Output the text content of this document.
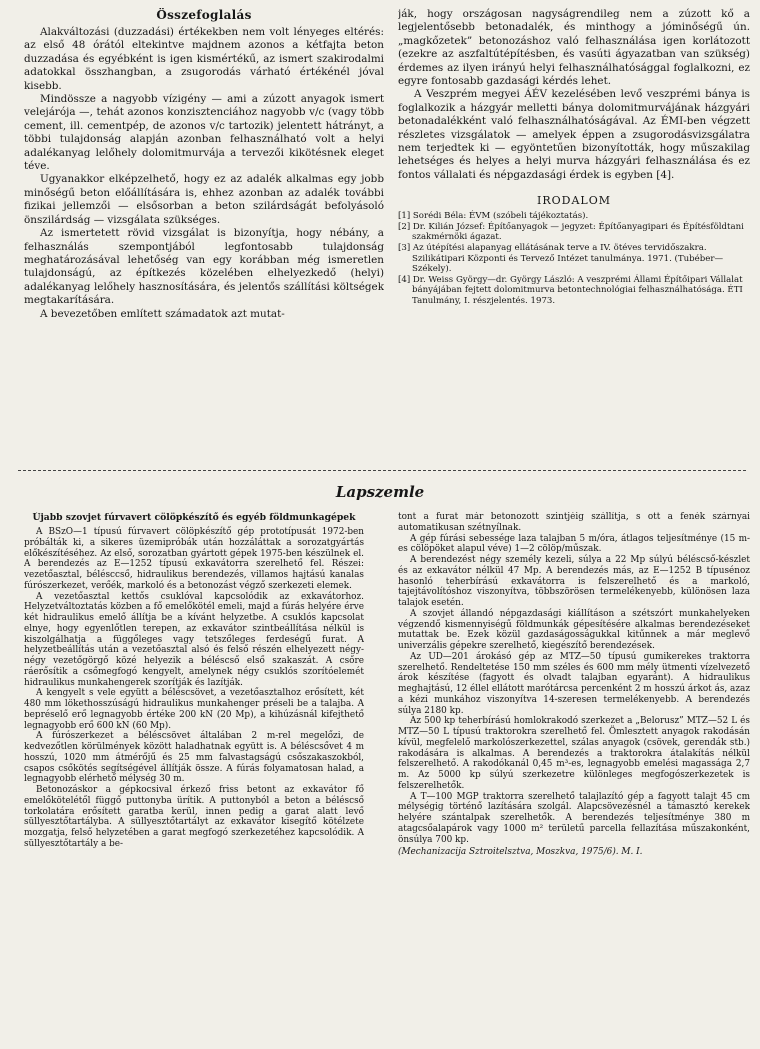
Összefoglalás

Alakváltozási (duzzadási) értékekben nem volt lényeges eltérés: az első 48 órától eltekintve majdnem azonos a kétfajta beton duzzadása és egyébként is igen kismértékű, az ismert szakirodalmi adatokkal összhangban, a zsugorodás várható értékénél jóval kisebb.

Mindössze a nagyobb vízigény — ami a zúzott anyagok ismert velejárója —, tehát azonos konzisztenciához nagyobb v/c (vagy több cement, ill. cementpép, de azonos v/c tartozik) jelentett hátrányt, a többi tulajdonság alapján azonban felhasználható volt a helyi adalékanyag lelőhely dolomitmurvája a tervezői kikötésnek eleget téve.

Ugyanakkor elképzelhető, hogy ez az adalék alkalmas egy jobb minőségű beton előállítására is, ehhez azonban az adalék további fizikai jellemzői — elsősorban a beton szilárdságát befolyásoló önszilárdság — vizsgálata szükséges.

Az ismertetett rövid vizsgálat is bizonyítja, hogy nébány, a felhasználás szempontjából legfontosabb tulajdonság meghatározásával lehetőség van egy korábban még ismeretlen tulajdonságú, az építkezés közelében elhelyezkedő (helyi) adalékanyag lelőhely hasznosítására, és jelentős szállítási költségek megtakarítására.

A bevezetőben említett számadatok azt mutat-

ják, hogy országosan nagyságrendileg nem a zúzott kő a legjelentősebb betonadalék, és minthogy a jóminőségű ún. „magkőzetek” betonozáshoz való felhasználása igen korlátozott (ezekre az aszfaltútépítésben, és vasúti ágyazatban van szükség) érdemes az ilyen irányú helyi felhasználhatósággal foglalkozni, ez egyre fontosabb gazdasági kérdés lehet.

A Veszprém megyei ÁÉV kezelésében levő veszprémi bánya is foglalkozik a házgyár melletti bánya dolomitmurvájának házgyári betonadalékként való felhasználhatóságával. Az ÉMI-ben végzett részletes vizsgálatok — amelyek éppen a zsugorodásvizsgálatra nem terjedtek ki — egyöntetűen bizonyították, hogy műszakilag lehetséges és helyes a helyi murva házgyári felhasználása és ez fontos vállalati és népgazdasági érdek is egyben [4].

IRODALOM

[1] Sorédi Béla: ÉVM (szóbeli tájékoztatás).

[2] Dr. Kilián József: Építőanyagok — jegyzet: Építőanyagipari és Építésföldtani szakmérnöki ágazat.

[3] Az útépítési alapanyag ellátásának terve a IV. ötéves tervidőszakra. Szilikátipari Központi és Tervező Intézet tanulmánya. 1971. (Tubéber—Székely).

[4] Dr. Weiss György—dr. György László: A veszprémi Állami Építőipari Vállalat bányájában fejtett dolomitmurva betontechnológiai felhasználhatósága. ÉTI Tanulmány, I. részjelentés. 1973.

Lapszemle

Újabb szovjet fúrvavert cölöpkészítő és egyéb földmunkagépek

A BSzO—1 típusú fúrvavert cölöpkészítő gép prototípusát 1972-ben próbálták ki, a sikeres üzemipróbák után hozzáláttak a sorozatgyártás előkészítéséhez. Az első, sorozatban gyártott gépek 1975-ben készülnek el. A berendezés az E—1252 típusú exkavátorra szerelhető fel. Részei: vezetőasztal, bélésccső, hidraulikus berendezés, villamos hajtású kanalas fúrószerkezet, verőék, markoló és a betonozást végző szerkezeti elemek.

A vezetőasztal kettős csuklóval kapcsolódik az exkavátorhoz. Helyzetváltoztatás közben a fő emelőkötél emeli, majd a fúrás helyére érve két hidraulikus emelő állítja be a kívánt helyzetbe. A csuklós kapcsolat elnye, hogy egyenlőtlen terepen, az exkavátor szintbeállítása nélkül is kiszolgálhatja a függőleges vagy tetszőleges ferdeségű furat. A helyzetbeállítás után a vezetőasztal alsó és felső részén elhelyezett négy-négy vezetőgörgő közé helyezik a béléscső első szakaszát. A csőre ráerősítik a csőmegfogó kengyelt, amelynek négy csuklós szorítóelemét hidraulikus munkahengerek szorítják és lazítják.

A kengyelt s vele együtt a béléscsövet, a vezetőasztalhoz erősített, két 480 mm lökethosszúságú hidraulikus munkahenger préseli be a talajba. A bepréselő erő legnagyobb értéke 200 kN (20 Mp), a kihúzásnál kifejthető legnagyobb erő 600 kN (60 Mp).

A fúrószerkezet a béléscsövet általában 2 m-rel megelőzi, de kedvezőtlen körülmények között haladhatnak együtt is. A béléscsővet 4 m hosszú, 1020 mm átmérőjű és 25 mm falvastagságú csőszakaszokból, csapos csőkötés segítségével állítják össze. A fúrás folyamatosan halad, a legnagyobb elérhető mélység 30 m.

Betonozáskor a gépkocsival érkező friss betont az exkavátor fő emelőkötelétől függő puttonyba ürítik. A puttonyból a beton a béléscső torkolatára erősített garatba kerül, innen pedig a garat alatt levő süllyesztőtartályba. A süllyesztőtartályt az exkavátor kisegítő kötélzete mozgatja, felső helyzetében a garat megfogó szerkezetéhez kapcsolódik. A süllyesztőtartály a be-

tont a furat már betonozott szintjéig szállítja, s ott a fenék szárnyai automatikusan szétnyílnak.

A gép fúrási sebessége laza talajban 5 m/óra, átlagos teljesítménye (15 m-es cölöpöket alapul véve) 1—2 cölöp/műszak.

A berendezést négy személy kezeli, súlya a 22 Mp súlyú béléscső-készlet és az exkavátor nélkül 47 Mp. A berendezés más, az E—1252 B típusénoz hasonló teherbírású exkavátorra is felszerelhető és a markoló, tajejtávolítóshoz viszonyítva, többszörösen termelékenyebb, különösen laza talajok esetén.

A szovjet állandó népgazdasági kiállításon a szétszórt munkahelyeken végzendő kismennyiségű földmunkák gépesítésére alkalmas berendezéseket mutattak be. Ezek közül gazdaságosságukkal kitűnnek a már meglevő univerzális gépekre szerelhető, kiegészítő berendezések.

Az UD—201 árokásó gép az MTZ—50 típusú gumikerekes traktorra szerelhető. Rendeltetése 150 mm széles és 600 mm mély ütmenti vízelvezető árok készítése (fagyott és olvadt talajban egyaránt). A hidraulikus meghajtású, 12 éllel ellátott marótárcsa percenként 2 m hosszú árkot ás, azaz a kézi munkához viszonyítva 14-szeresen termelékenyebb. A berendezés súlya 2180 kp.

Az 500 kp teherbírású homlokrakodó szerkezet a „Belorusz” MTZ—52 L és MTZ—50 L típusú traktorokra szerelhető fel. Ömlesztett anyagok rakodásán kívül, megfelelő markolószerkezettel, szálas anyagok (csövek, gerendák stb.) rakodására is alkalmas. A berendezés a traktorokra átalakítás nélkül felszerelhető. A rakodókanál 0,45 m³-es, legnagyobb emelési magassága 2,7 m. Az 5000 kp súlyú szerkezetre különleges megfogószerkezetek is felszerelhetők.

A T—100 MGP traktorra szerelhető talajlazító gép a fagyott talajt 45 cm mélységig történő lazítására szolgál. Alapcsövezésnél a támasztó kerekek helyére szántalpak szerelhetők. A berendezés teljesítménye 380 m atagcsőalapárok vagy 1000 m² területű parcella fellazítása műszakonként, önsúlya 700 kp.

(Mechanizacija Sztroitelsztva, Moszkva, 1975/6). M. I.
